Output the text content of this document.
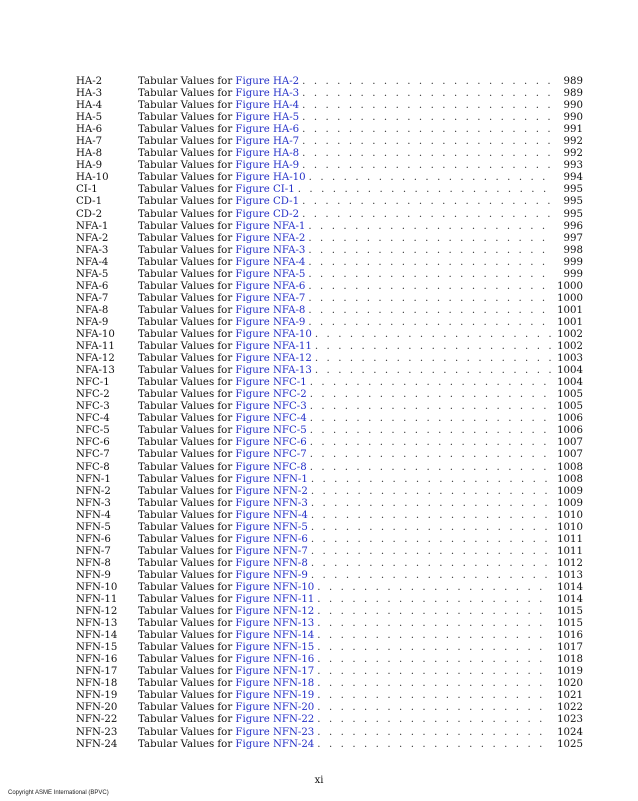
HA-2	Tabular Values for Figure HA-2 . . .	989
HA-3	Tabular Values for Figure HA-3 . . .	989
HA-4	Tabular Values for Figure HA-4 . . .	990
HA-5	Tabular Values for Figure HA-5 . . .	990
HA-6	Tabular Values for Figure HA-6 . . .	991
HA-7	Tabular Values for Figure HA-7 . . .	992
HA-8	Tabular Values for Figure HA-8 . . .	992
HA-9	Tabular Values for Figure HA-9 . . .	993
HA-10	Tabular Values for Figure HA-10 . . .	994
CI-1	Tabular Values for Figure CI-1 . . .	995
CD-1	Tabular Values for Figure CD-1 . . .	995
CD-2	Tabular Values for Figure CD-2 . . .	995
NFA-1	Tabular Values for Figure NFA-1 . . .	996
NFA-2	Tabular Values for Figure NFA-2 . . .	997
NFA-3	Tabular Values for Figure NFA-3 . . .	998
NFA-4	Tabular Values for Figure NFA-4 . . .	999
NFA-5	Tabular Values for Figure NFA-5 . . .	999
NFA-6	Tabular Values for Figure NFA-6 . . .	1000
NFA-7	Tabular Values for Figure NFA-7 . . .	1000
NFA-8	Tabular Values for Figure NFA-8 . . .	1001
NFA-9	Tabular Values for Figure NFA-9 . . .	1001
NFA-10	Tabular Values for Figure NFA-10 . . .	1002
NFA-11	Tabular Values for Figure NFA-11 . . .	1002
NFA-12	Tabular Values for Figure NFA-12 . . .	1003
NFA-13	Tabular Values for Figure NFA-13 . . .	1004
NFC-1	Tabular Values for Figure NFC-1 . . .	1004
NFC-2	Tabular Values for Figure NFC-2 . . .	1005
NFC-3	Tabular Values for Figure NFC-3 . . .	1005
NFC-4	Tabular Values for Figure NFC-4 . . .	1006
NFC-5	Tabular Values for Figure NFC-5 . . .	1006
NFC-6	Tabular Values for Figure NFC-6 . . .	1007
NFC-7	Tabular Values for Figure NFC-7 . . .	1007
NFC-8	Tabular Values for Figure NFC-8 . . .	1008
NFN-1	Tabular Values for Figure NFN-1 . . .	1008
NFN-2	Tabular Values for Figure NFN-2 . . .	1009
NFN-3	Tabular Values for Figure NFN-3 . . .	1009
NFN-4	Tabular Values for Figure NFN-4 . . .	1010
NFN-5	Tabular Values for Figure NFN-5 . . .	1010
NFN-6	Tabular Values for Figure NFN-6 . . .	1011
NFN-7	Tabular Values for Figure NFN-7 . . .	1011
NFN-8	Tabular Values for Figure NFN-8 . . .	1012
NFN-9	Tabular Values for Figure NFN-9 . . .	1013
NFN-10	Tabular Values for Figure NFN-10 . . .	1014
NFN-11	Tabular Values for Figure NFN-11 . . .	1014
NFN-12	Tabular Values for Figure NFN-12 . . .	1015
NFN-13	Tabular Values for Figure NFN-13 . . .	1015
NFN-14	Tabular Values for Figure NFN-14 . . .	1016
NFN-15	Tabular Values for Figure NFN-15 . . .	1017
NFN-16	Tabular Values for Figure NFN-16 . . .	1018
NFN-17	Tabular Values for Figure NFN-17 . . .	1019
NFN-18	Tabular Values for Figure NFN-18 . . .	1020
NFN-19	Tabular Values for Figure NFN-19 . . .	1021
NFN-20	Tabular Values for Figure NFN-20 . . .	1022
NFN-22	Tabular Values for Figure NFN-22 . . .	1023
NFN-23	Tabular Values for Figure NFN-23 . . .	1024
NFN-24	Tabular Values for Figure NFN-24 . . .	1025
xi
Copyright ASME International (BPVC)
